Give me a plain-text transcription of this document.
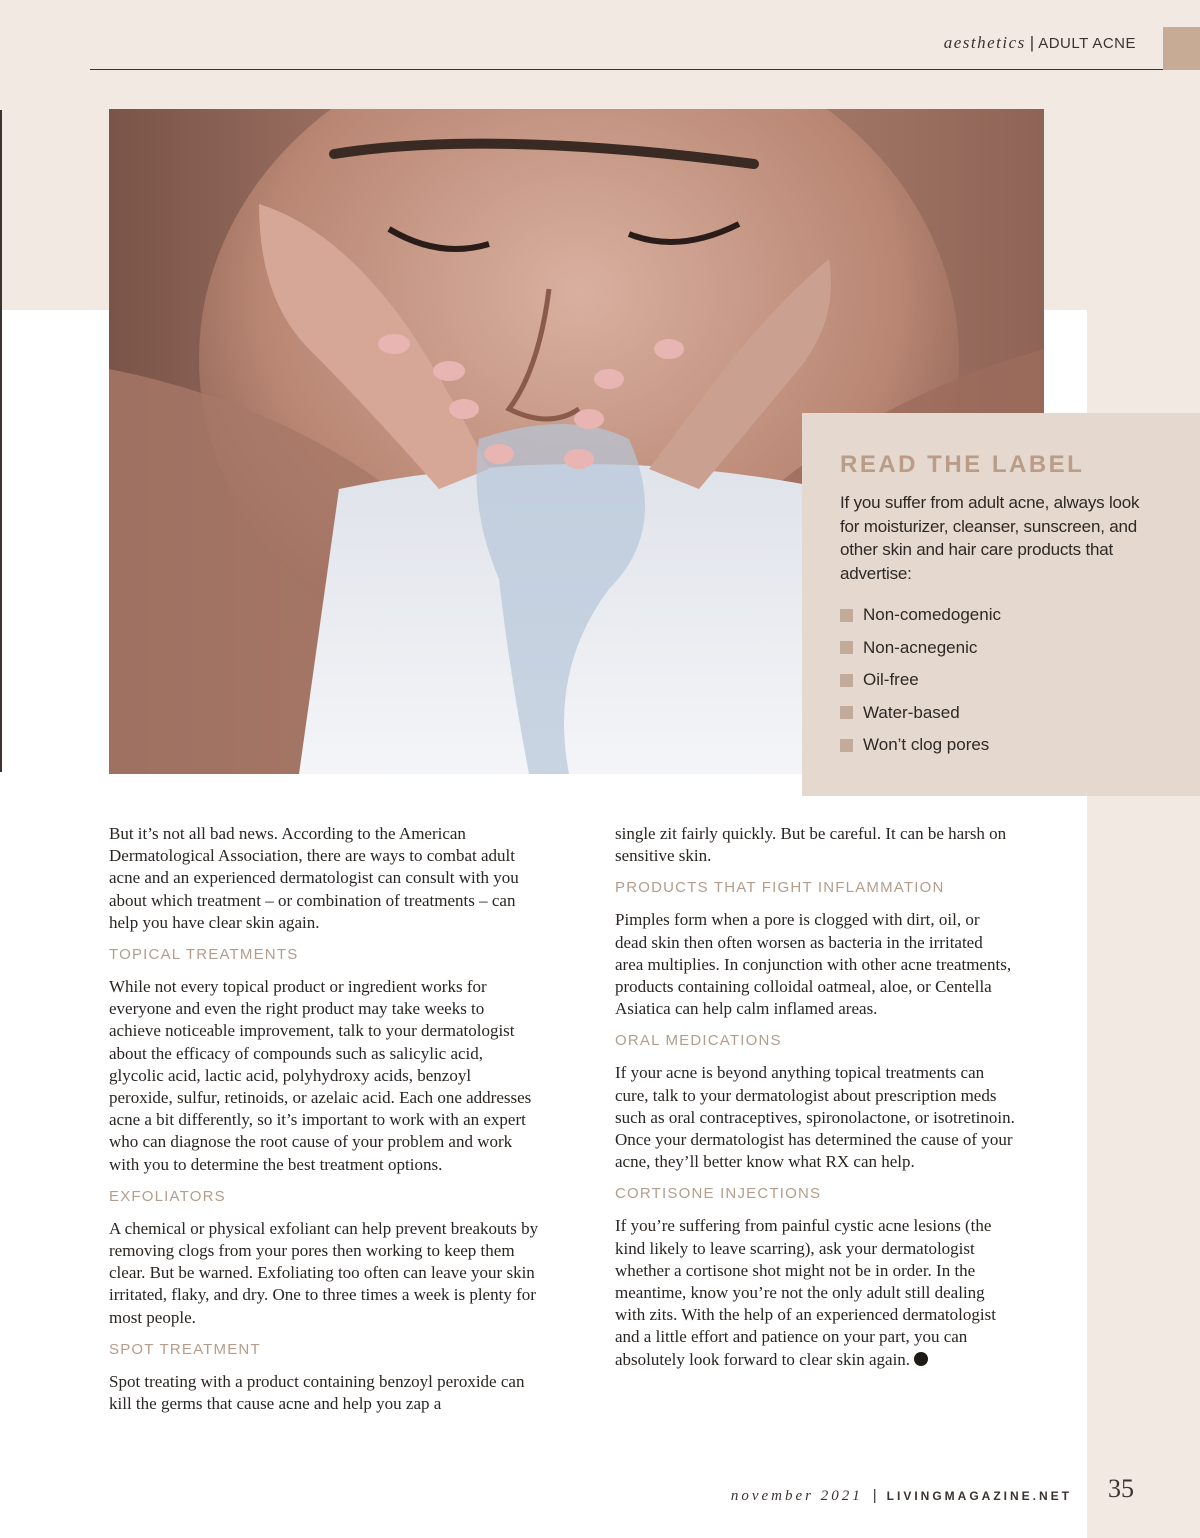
aesthetics | ADULT ACNE
READ THE LABEL

If you suffer from adult acne, always look for moisturizer, cleanser, sunscreen, and other skin and hair care products that advertise:

Non-comedogenic
Non-acnegenic
Oil-free
Water-based
Won’t clog pores

But it’s not all bad news. According to the American Dermatological Association, there are ways to combat adult acne and an experienced dermatologist can consult with you about which treatment – or combination of treatments – can help you have clear skin again.

TOPICAL TREATMENTS

While not every topical product or ingredient works for everyone and even the right product may take weeks to achieve noticeable improvement, talk to your dermatologist about the efficacy of compounds such as salicylic acid, glycolic acid, lactic acid, polyhydroxy acids, benzoyl peroxide, sulfur, retinoids, or azelaic acid. Each one addresses acne a bit differently, so it’s important to work with an expert who can diagnose the root cause of your problem and work with you to determine the best treatment options.

EXFOLIATORS

A chemical or physical exfoliant can help prevent breakouts by removing clogs from your pores then working to keep them clear. But be warned. Exfoliating too often can leave your skin irritated, flaky, and dry. One to three times a week is plenty for most people.

SPOT TREATMENT

Spot treating with a product containing benzoyl peroxide can kill the germs that cause acne and help you zap a

single zit fairly quickly. But be careful. It can be harsh on sensitive skin.

PRODUCTS THAT FIGHT INFLAMMATION

Pimples form when a pore is clogged with dirt, oil, or dead skin then often worsen as bacteria in the irritated area multiplies. In conjunction with other acne treatments, products containing colloidal oatmeal, aloe, or Centella Asiatica can help calm inflamed areas.

ORAL MEDICATIONS

If your acne is beyond anything topical treatments can cure, talk to your dermatologist about prescription meds such as oral contraceptives, spironolactone, or isotretinoin. Once your dermatologist has determined the cause of your acne, they’ll better know what RX can help.

CORTISONE INJECTIONS

If you’re suffering from painful cystic acne lesions (the kind likely to leave scarring), ask your dermatologist whether a cortisone shot might not be in order. In the meantime, know you’re not the only adult still dealing with zits. With the help of an experienced dermatologist and a little effort and patience on your part, you can absolutely look forward to clear skin again.

november 2021 | LIVINGMAGAZINE.NET 35
